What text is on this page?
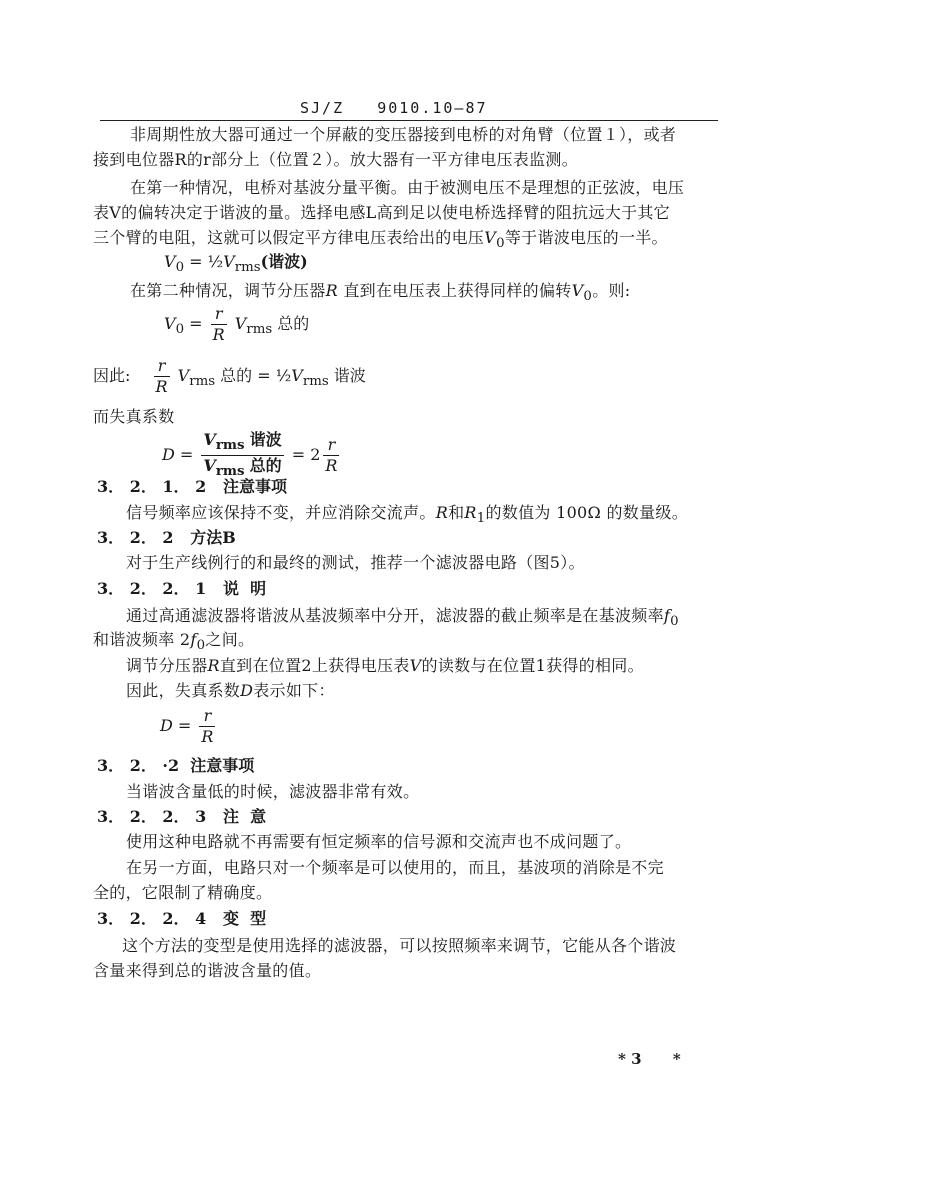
SJ/Z   9010.10—87
非周期性放大器可通过一个屏蔽的变压器接到电桥的对角臂（位置１），或者
接到电位器R的r部分上（位置２）。放大器有一平方律电压表监测。
在第一种情况，电桥对基波分量平衡。由于被测电压不是理想的正弦波，电压
表V的偏转决定于谐波的量。选择电感L高到足以使电桥选择臂的阻抗远大于其它
三个臂的电阻，这就可以假定平方律电压表给出的电压$V_0$等于谐波电压的一半。
$V_0$ = $\frac{1}{2}V_{rms}$(谐波)
在第二种情况，调节分压器R 直到在电压表上获得同样的偏转$V_0$。则:
$V_0 = \frac{r}{R} V_{rms}$ 总的
因此: $\frac{r}{R} V_{rms}$ 总的 = $\frac{1}{2}V_{rms}$ 谐波
而失真系数
$D = \frac{V_{rms} 谐波}{V_{rms} 总的} = 2 \frac{r}{R}$
3． 2． 1． 2 注意事项
信号频率应该保持不变，并应消除交流声。R和$R_1$的数值为 100Ω 的数量级。
3． 2． 2 方法B
对于生产线例行的和最终的测试，推荐一个滤波器电路（图5）。
3． 2． 2． 1 说  明
通过高通滤波器将谐波从基波频率中分开，滤波器的截止频率是在基波频率$f_0$
和谐波频率 $2f_0$之间。
调节分压器R直到在位置2上获得电压表V的读数与在位置1获得的相同。
因此，失真系数D表示如下：
$D = \frac{r}{R}$
3． 2． ·2 注意事项
当谐波含量低的时候，滤波器非常有效。
3． 2． 2． 3 注  意
使用这种电路就不再需要有恒定频率的信号源和交流声也不成问题了。
在另一方面，电路只对一个频率是可以使用的，而且，基波项的消除是不完
全的，它限制了精确度。
3． 2． 2． 4 变  型
这个方法的变型是使用选择的滤波器，可以按照频率来调节，它能从各个谐波
含量来得到总的谐波含量的值。
* 3      *
